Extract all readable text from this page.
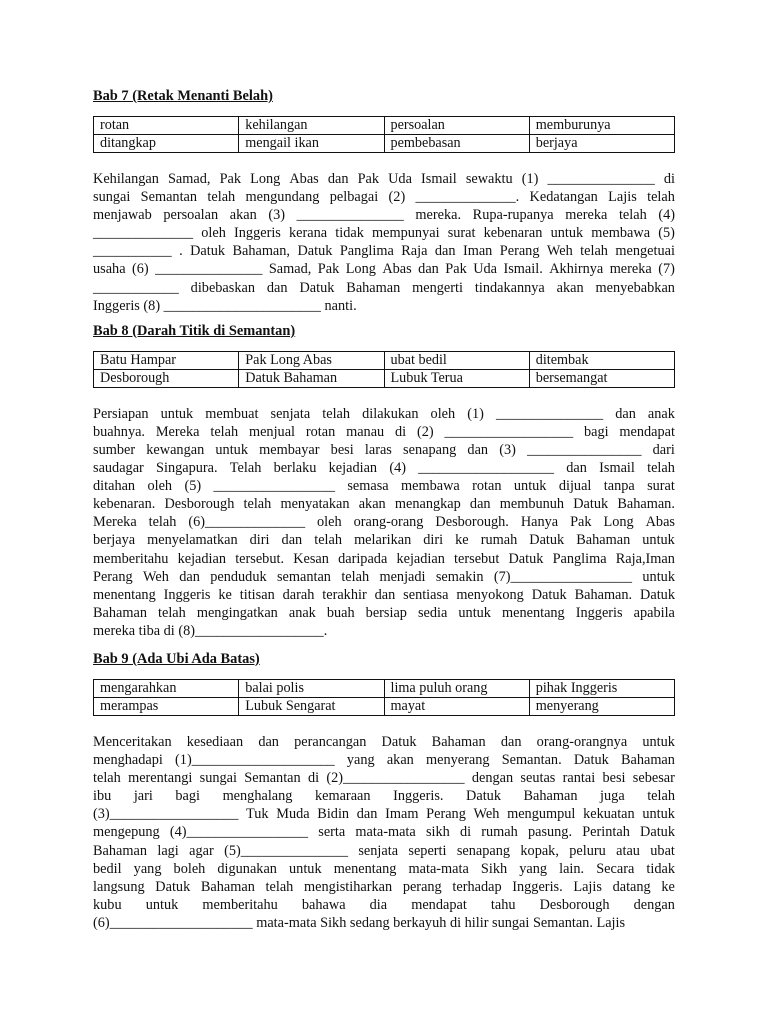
Bab 7 (Retak Menanti Belah)
rotan	kehilangan	persoalan	memburunya
ditangkap	mengail ikan	pembebasan	berjaya
Kehilangan Samad, Pak Long Abas dan Pak Uda Ismail sewaktu (1) _______________ di
sungai Semantan telah mengundang pelbagai (2) ______________. Kedatangan Lajis telah
menjawab persoalan akan (3) _______________ mereka. Rupa-rupanya mereka telah (4)
______________ oleh Inggeris kerana tidak mempunyai surat kebenaran untuk membawa (5)
___________ . Datuk Bahaman, Datuk Panglima Raja dan Iman Perang Weh telah mengetuai
usaha (6) _______________ Samad, Pak Long Abas dan Pak Uda Ismail. Akhirnya mereka (7)
____________ dibebaskan dan Datuk Bahaman mengerti tindakannya akan menyebabkan
Inggeris (8) ______________________ nanti.
Bab 8 (Darah Titik di Semantan)
Batu Hampar	Pak Long Abas	ubat bedil	ditembak
Desborough	Datuk Bahaman	Lubuk Terua	bersemangat
Persiapan untuk membuat senjata telah dilakukan oleh (1) _______________ dan anak
buahnya. Mereka telah menjual rotan manau di (2) __________________ bagi mendapat
sumber kewangan untuk membayar besi laras senapang dan (3) ________________ dari
saudagar Singapura. Telah berlaku kejadian (4) ___________________ dan Ismail telah
ditahan oleh (5) _________________ semasa membawa rotan untuk dijual tanpa surat
kebenaran. Desborough telah menyatakan akan menangkap dan membunuh Datuk Bahaman.
Mereka telah (6)______________ oleh orang-orang Desborough. Hanya Pak Long Abas
berjaya menyelamatkan diri dan telah melarikan diri ke rumah Datuk Bahaman untuk
memberitahu kejadian tersebut. Kesan daripada kejadian tersebut Datuk Panglima Raja,Iman
Perang Weh dan penduduk semantan telah menjadi semakin (7)_________________ untuk
menentang Inggeris ke titisan darah terakhir dan sentiasa menyokong Datuk Bahaman. Datuk
Bahaman telah mengingatkan anak buah bersiap sedia untuk menentang Inggeris apabila
mereka tiba di (8)__________________.
Bab 9 (Ada Ubi Ada Batas)
mengarahkan	balai polis	lima puluh orang	pihak Inggeris
merampas	Lubuk Sengarat	mayat	menyerang
Menceritakan kesediaan dan perancangan Datuk Bahaman dan orang-orangnya untuk
menghadapi (1)____________________ yang akan menyerang Semantan. Datuk Bahaman
telah merentangi sungai Semantan di (2)_________________ dengan seutas rantai besi sebesar
ibu jari bagi menghalang kemaraan Inggeris. Datuk Bahaman juga telah
(3)__________________ Tuk Muda Bidin dan Imam Perang Weh mengumpul kekuatan untuk
mengepung (4)_________________ serta mata-mata sikh di rumah pasung. Perintah Datuk
Bahaman lagi agar (5)_______________ senjata seperti senapang kopak, peluru atau ubat
bedil yang boleh digunakan untuk menentang mata-mata Sikh yang lain. Secara tidak
langsung Datuk Bahaman telah mengistiharkan perang terhadap Inggeris. Lajis datang ke
kubu untuk memberitahu bahawa dia mendapat tahu Desborough dengan
(6)____________________ mata-mata Sikh sedang berkayuh di hilir sungai Semantan. Lajis
